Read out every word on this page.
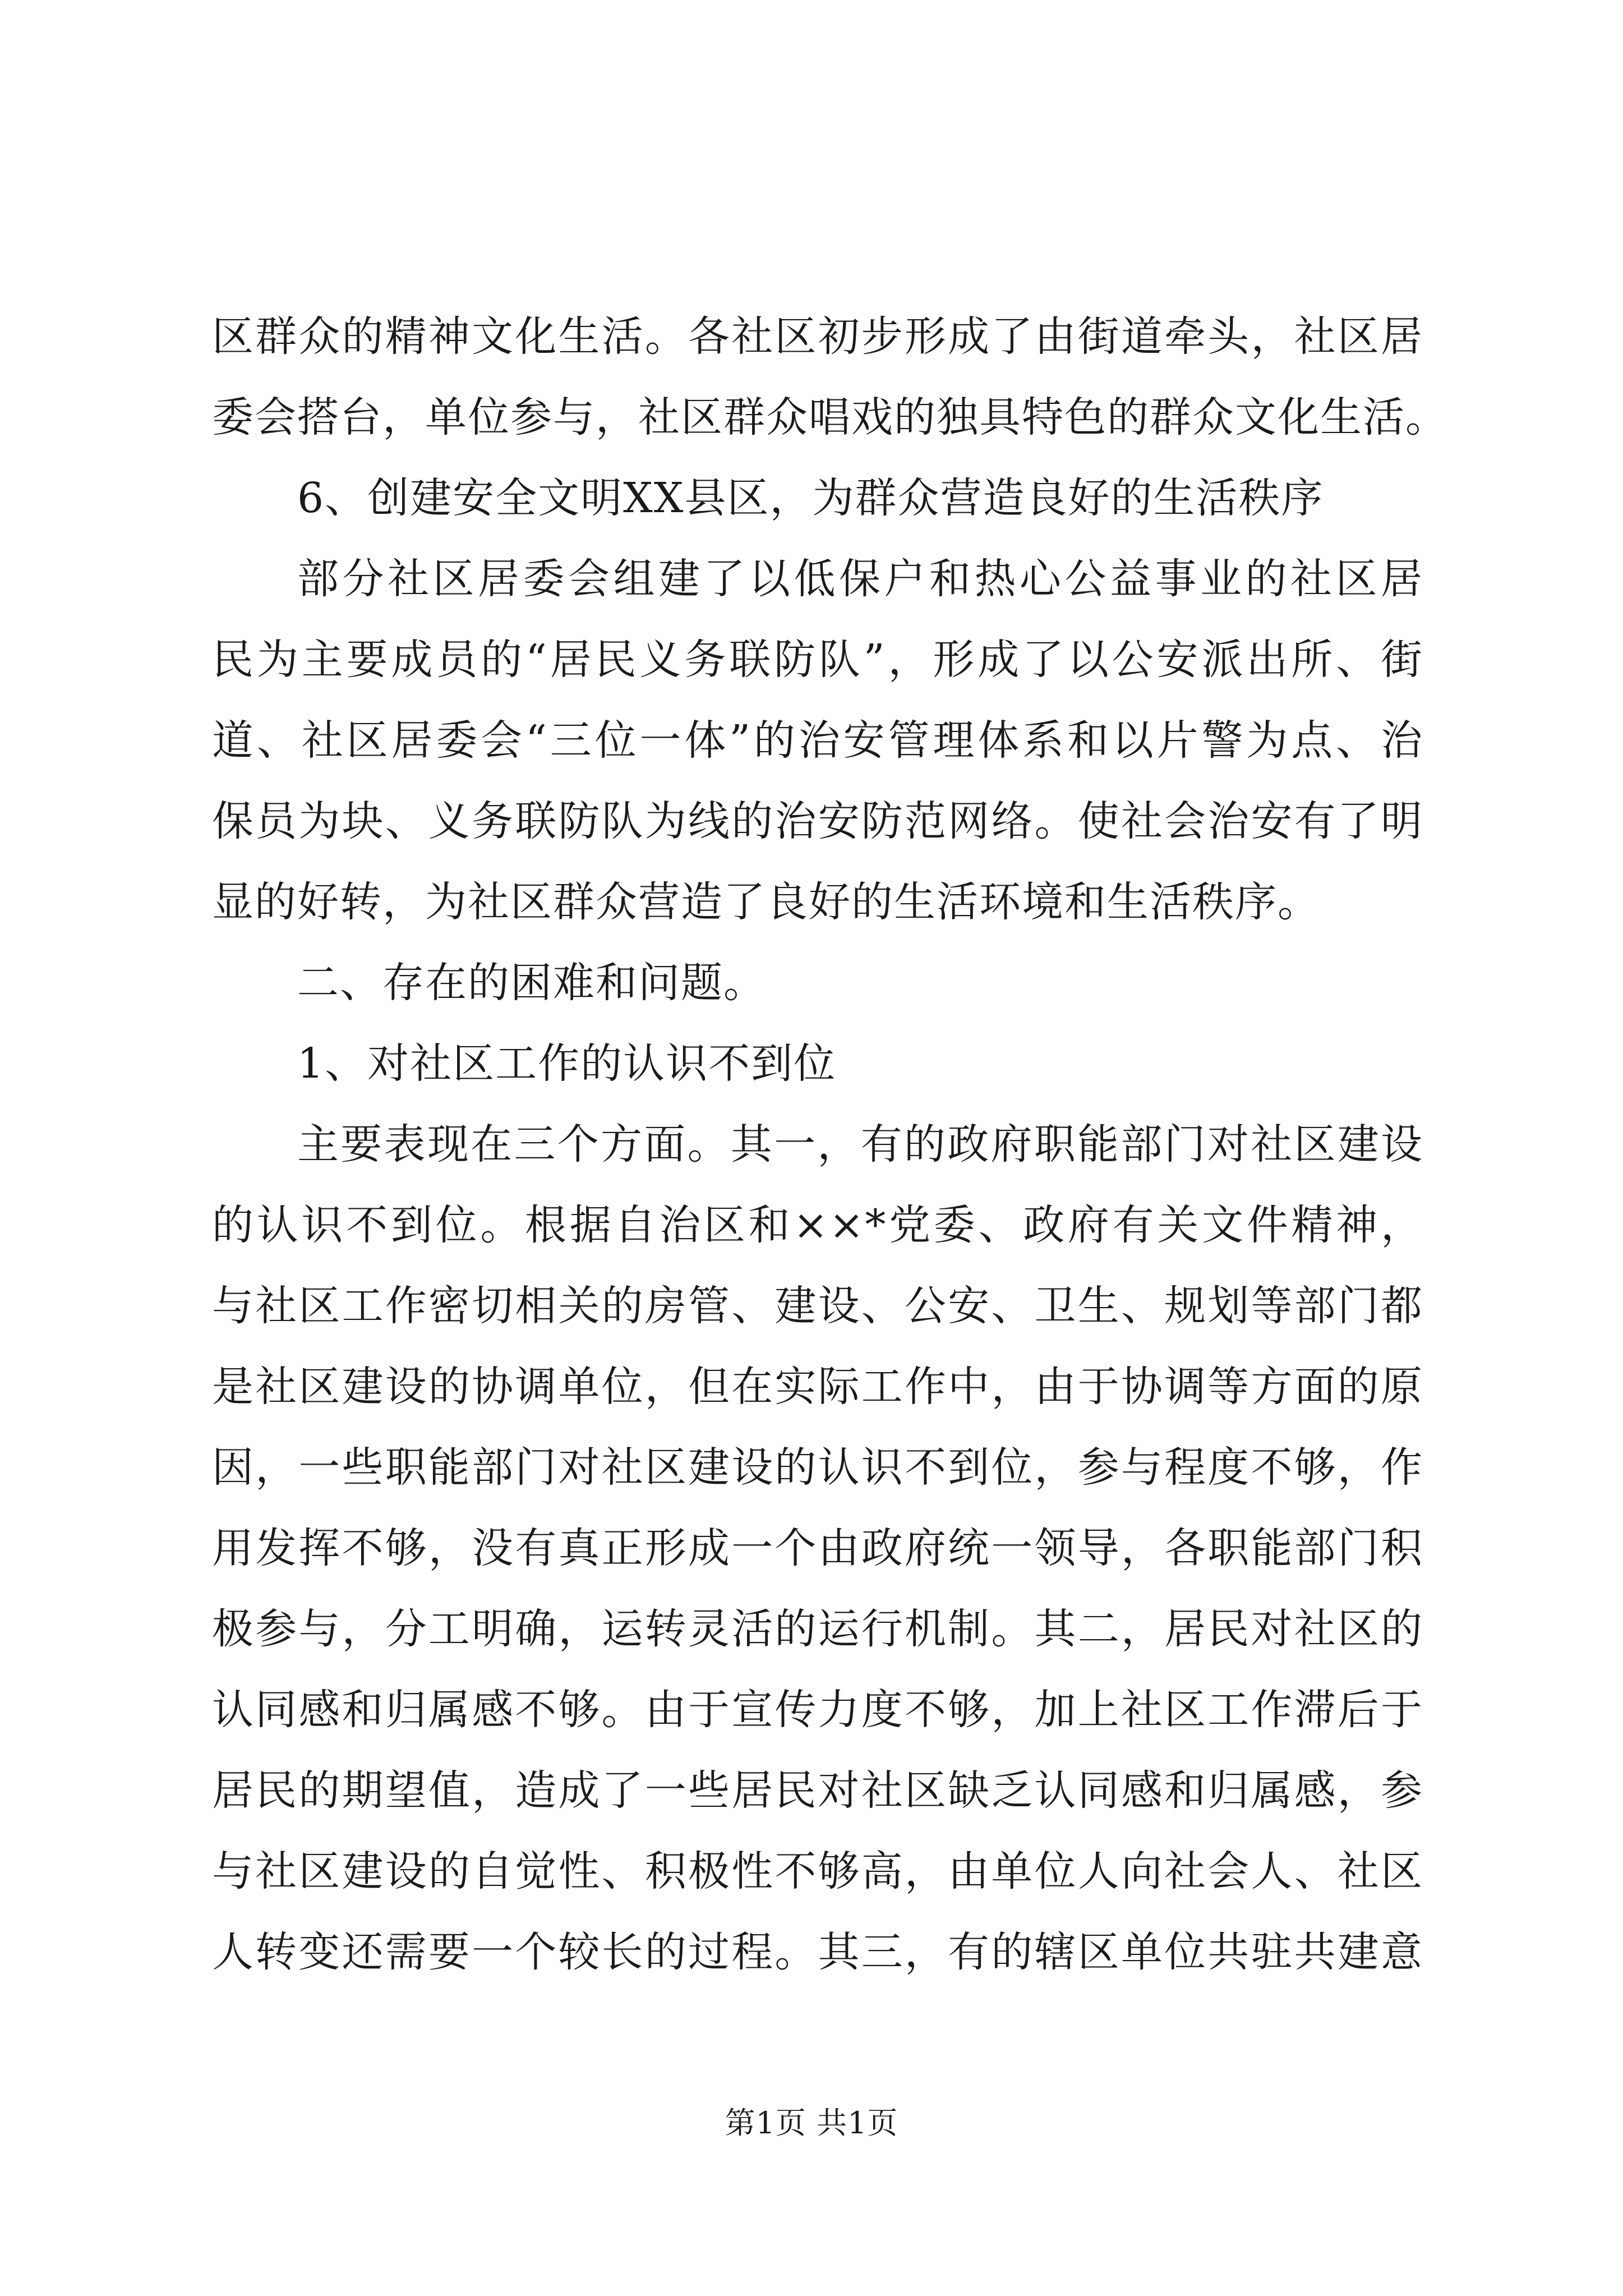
区群众的精神文化生活。各社区初步形成了由街道牵头，社区居
委会搭台，单位参与，社区群众唱戏的独具特色的群众文化生活。
6、创建安全文明XX县区，为群众营造良好的生活秩序
部分社区居委会组建了以低保户和热心公益事业的社区居
民为主要成员的“居民义务联防队”，形成了以公安派出所、街
道、社区居委会“三位一体”的治安管理体系和以片警为点、治
保员为块、义务联防队为线的治安防范网络。使社会治安有了明
显的好转，为社区群众营造了良好的生活环境和生活秩序。
二、存在的困难和问题。
1、对社区工作的认识不到位
主要表现在三个方面。其一，有的政府职能部门对社区建设
的认识不到位。根据自治区和××*党委、政府有关文件精神，
与社区工作密切相关的房管、建设、公安、卫生、规划等部门都
是社区建设的协调单位，但在实际工作中，由于协调等方面的原
因，一些职能部门对社区建设的认识不到位，参与程度不够，作
用发挥不够，没有真正形成一个由政府统一领导，各职能部门积
极参与，分工明确，运转灵活的运行机制。其二，居民对社区的
认同感和归属感不够。由于宣传力度不够，加上社区工作滞后于
居民的期望值，造成了一些居民对社区缺乏认同感和归属感，参
与社区建设的自觉性、积极性不够高，由单位人向社会人、社区
人转变还需要一个较长的过程。其三，有的辖区单位共驻共建意
第1页 共1页
